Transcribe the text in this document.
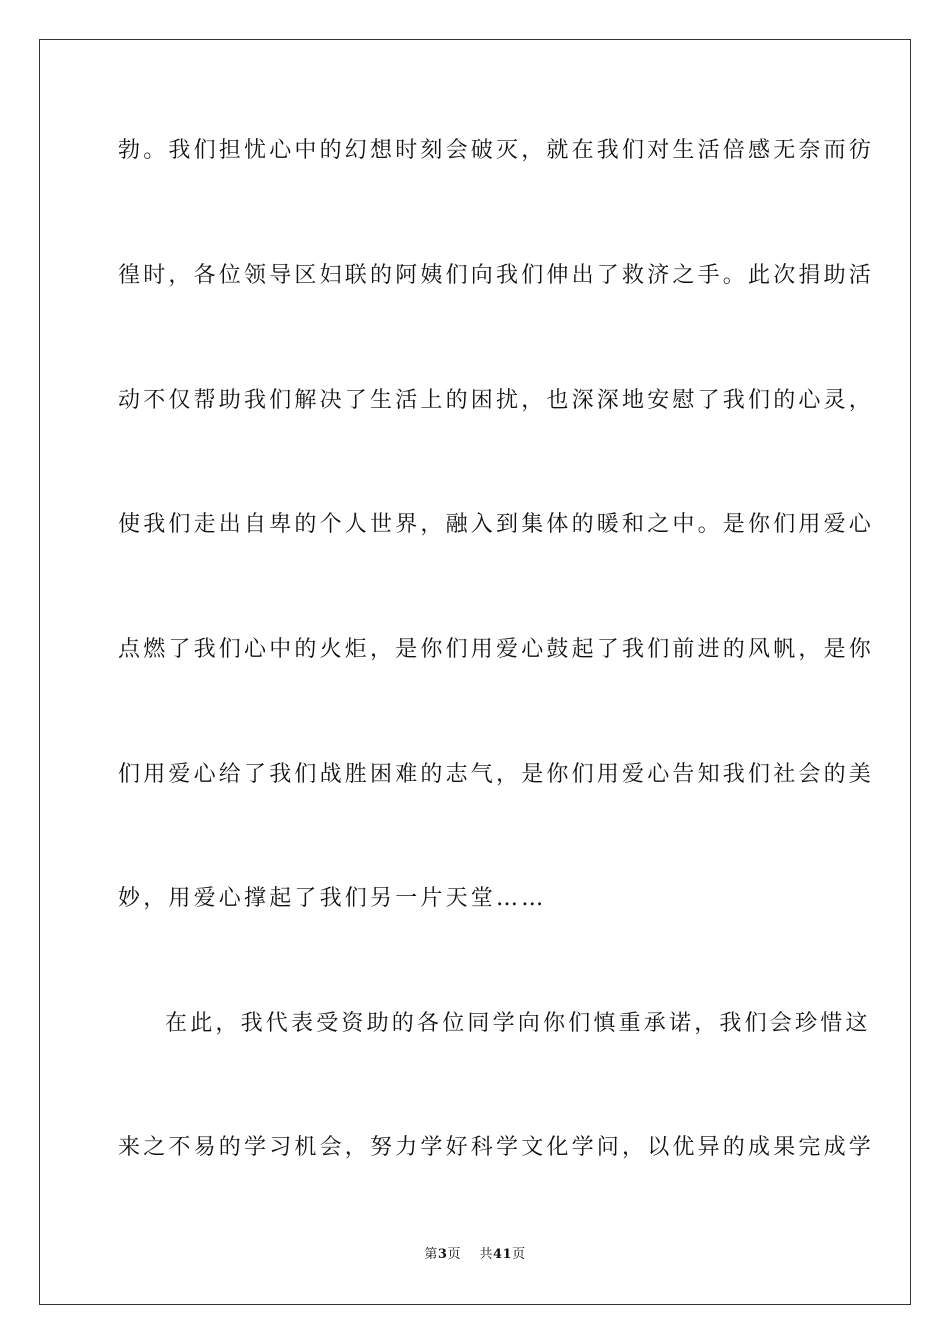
勃。我们担忧心中的幻想时刻会破灭，就在我们对生活倍感无奈而彷
徨时，各位领导区妇联的阿姨们向我们伸出了救济之手。此次捐助活
动不仅帮助我们解决了生活上的困扰，也深深地安慰了我们的心灵，
使我们走出自卑的个人世界，融入到集体的暖和之中。是你们用爱心
点燃了我们心中的火炬，是你们用爱心鼓起了我们前进的风帆，是你
们用爱心给了我们战胜困难的志气，是你们用爱心告知我们社会的美
妙，用爱心撑起了我们另一片天堂……
在此，我代表受资助的各位同学向你们慎重承诺，我们会珍惜这
来之不易的学习机会，努力学好科学文化学问，以优异的成果完成学
第3页 共41页
